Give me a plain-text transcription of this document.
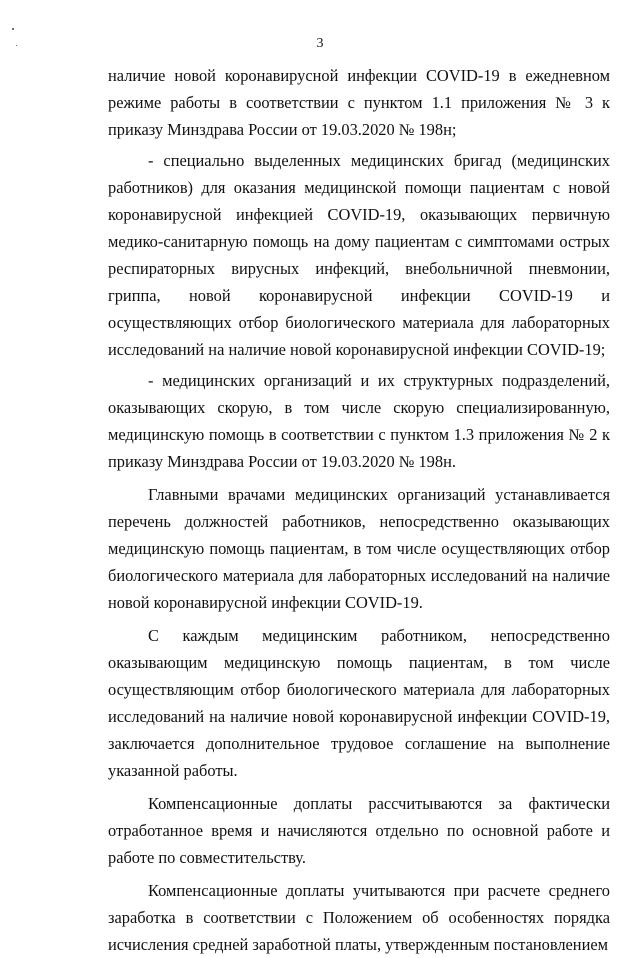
3

наличие новой коронавирусной инфекции COVID-19 в ежедневном режиме работы в соответствии с пунктом 1.1 приложения № 3 к приказу Минздрава России от 19.03.2020 № 198н;

- специально выделенных медицинских бригад (медицинских работников) для оказания медицинской помощи пациентам с новой коронавирусной инфекцией COVID-19, оказывающих первичную медико-санитарную помощь на дому пациентам с симптомами острых респираторных вирусных инфекций, внебольничной пневмонии, гриппа, новой коронавирусной инфекции COVID-19 и осуществляющих отбор биологического материала для лабораторных исследований на наличие новой коронавирусной инфекции COVID-19;

- медицинских организаций и их структурных подразделений, оказывающих скорую, в том числе скорую специализированную, медицинскую помощь в соответствии с пунктом 1.3 приложения № 2 к приказу Минздрава России от 19.03.2020 № 198н.

Главными врачами медицинских организаций устанавливается перечень должностей работников, непосредственно оказывающих медицинскую помощь пациентам, в том числе осуществляющих отбор биологического материала для лабораторных исследований на наличие новой коронавирусной инфекции COVID-19.

С каждым медицинским работником, непосредственно оказывающим медицинскую помощь пациентам, в том числе осуществляющим отбор биологического материала для лабораторных исследований на наличие новой коронавирусной инфекции COVID-19, заключается дополнительное трудовое соглашение на выполнение указанной работы.

Компенсационные доплаты рассчитываются за фактически отработанное время и начисляются отдельно по основной работе и работе по совместительству.

Компенсационные доплаты учитываются при расчете среднего заработка в соответствии с Положением об особенностях порядка исчисления средней заработной платы, утвержденным постановлением
